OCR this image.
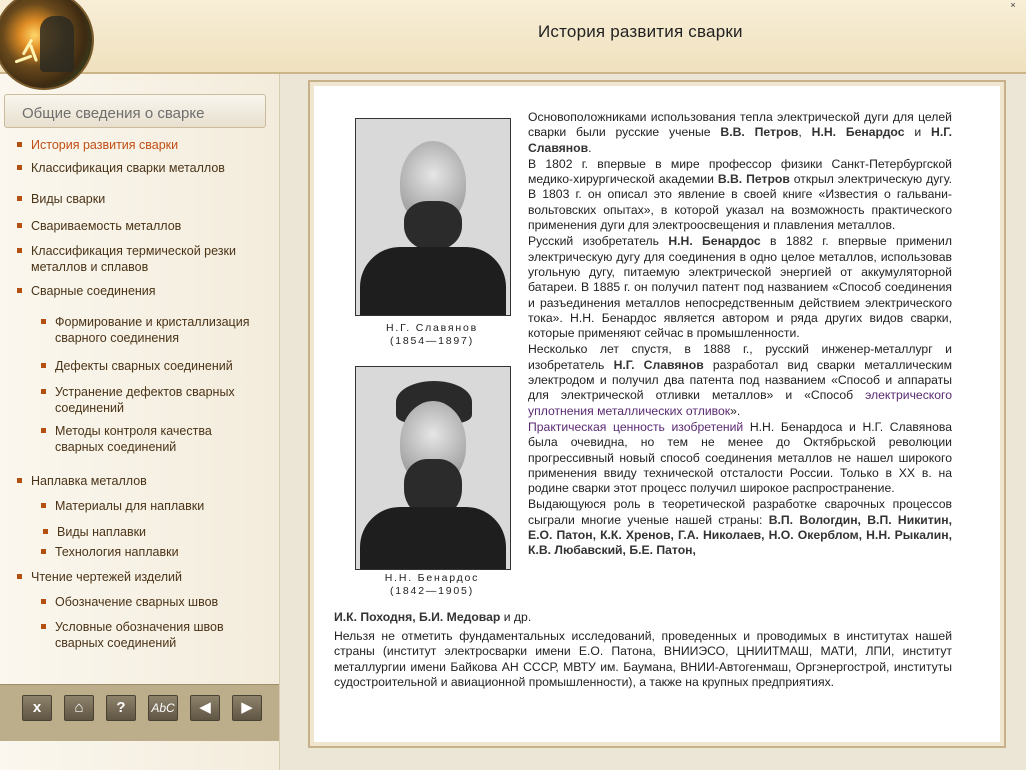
История развития сварки
×
Общие сведения о сварке
История развития сварки
Классификация сварки металлов
Виды сварки
Свариваемость металлов
Классификация термической резки металлов и сплавов
Сварные соединения
Формирование и кристаллизация сварного соединения
Дефекты сварных соединений
Устранение дефектов сварных соединений
Методы контроля качества сварных соединений
Наплавка металлов
Материалы для наплавки
Виды наплавки
Технология наплавки
Чтение чертежей изделий
Обозначение сварных швов
Условные обозначения швов сварных соединений
x	⌂	?	AbC	◀	▶
Н.Г. Славянов
(1854—1897)
Н.Н. Бенардос
(1842—1905)

Основоположниками использования тепла электрической дуги для целей сварки были русские ученые В.В. Петров, Н.Н. Бенардос и Н.Г. Славянов.

В 1802 г. впервые в мире профессор физики Санкт-Петербургской медико-хирургической академии В.В. Петров открыл электрическую дугу. В 1803 г. он описал это явление в своей книге «Известия о гальвани-вольтовских опытах», в которой указал на возможность практического применения дуги для электроосвещения и плавления металлов.

Русский изобретатель Н.Н. Бенардос в 1882 г. впервые применил электрическую дугу для соединения в одно целое металлов, использовав угольную дугу, питаемую электрической энергией от аккумуляторной батареи. В 1885 г. он получил патент под названием «Способ соединения и разъединения металлов непосредственным действием электрического тока». Н.Н. Бенардос является автором и ряда других видов сварки, которые применяют сейчас в промышленности.

Несколько лет спустя, в 1888 г., русский инженер-металлург и изобретатель Н.Г. Славянов разработал вид сварки металлическим электродом и получил два патента под названием «Способ и аппараты для электрической отливки металлов» и «Способ электрического уплотнения металлических отливок».

Практическая ценность изобретений Н.Н. Бенардоса и Н.Г. Славянова была очевидна, но тем не менее до Октябрьской революции прогрессивный новый способ соединения металлов не нашел широкого применения ввиду технической отсталости России. Только в XX в. на родине сварки этот процесс получил широкое распространение.

Выдающуюся роль в теоретической разработке сварочных процессов сыграли многие ученые нашей страны: В.П. Вологдин, В.П. Никитин, Е.О. Патон, К.К. Хренов, Г.А. Николаев, Н.О. Окерблом, Н.Н. Рыкалин, К.В. Любавский, Б.Е. Патон,

И.К. Походня, Б.И. Медовар и др.
Нельзя не отметить фундаментальных исследований, проведенных и проводимых в институтах нашей страны (институт электросварки имени Е.О. Патона, ВНИИЭСО, ЦНИИТМАШ, МАТИ, ЛПИ, институт металлургии имени Байкова АН СССР, МВТУ им. Баумана, ВНИИ-Автогенмаш, Оргэнергострой, институты судостроительной и авиационной промышленности), а также на крупных предприятиях.
